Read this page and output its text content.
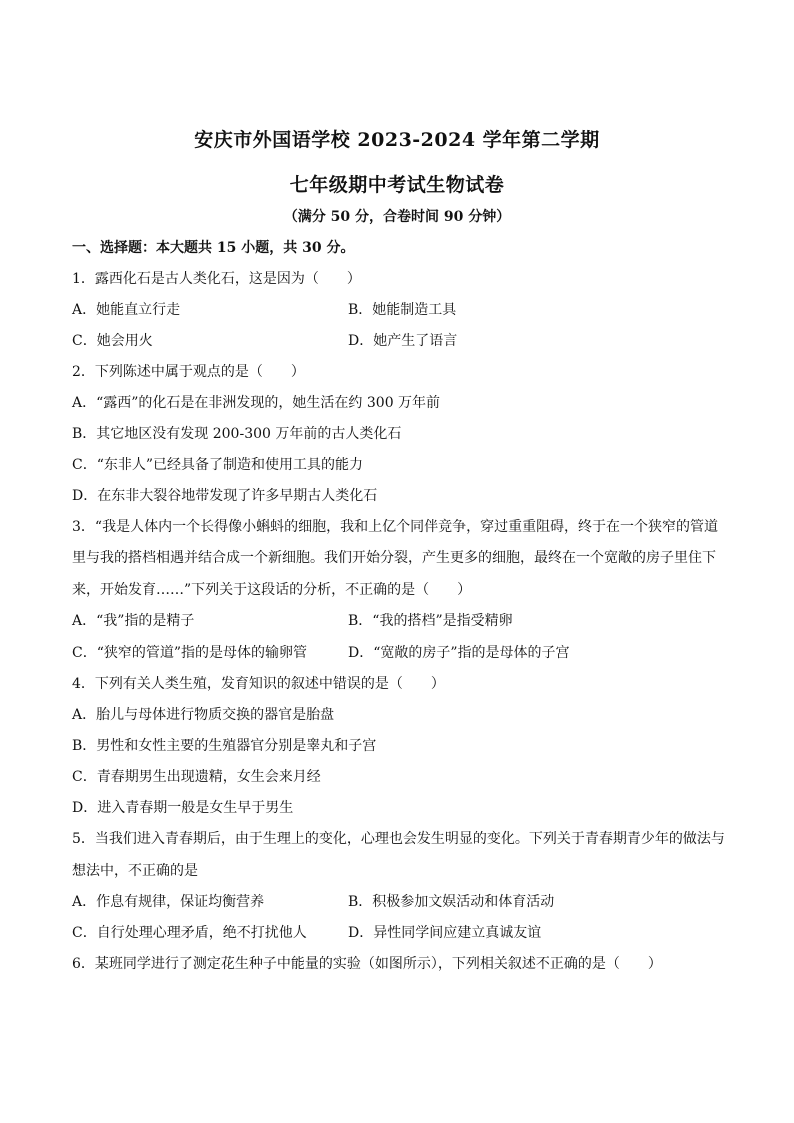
安庆市外国语学校 2023-2024 学年第二学期
七年级期中考试生物试卷
（满分 50 分，合卷时间 90 分钟）
一、选择题：本大题共 15 小题，共 30 分。
1．露西化石是古人类化石，这是因为（　　）
A．她能直立行走	B．她能制造工具
C．她会用火	D．她产生了语言
2．下列陈述中属于观点的是（　　）
A．“露西”的化石是在非洲发现的，她生活在约 300 万年前
B．其它地区没有发现 200-300 万年前的古人类化石
C．“东非人”已经具备了制造和使用工具的能力
D．在东非大裂谷地带发现了许多早期古人类化石
3．“我是人体内一个长得像小蝌蚪的细胞，我和上亿个同伴竞争，穿过重重阻碍，终于在一个狭窄的管道
里与我的搭档相遇并结合成一个新细胞。我们开始分裂，产生更多的细胞，最终在一个宽敞的房子里住下
来，开始发育……”下列关于这段话的分析，不正确的是（　　）
A．“我”指的是精子	B．“我的搭档”是指受精卵
C．“狭窄的管道”指的是母体的输卵管	D．“宽敞的房子”指的是母体的子宫
4．下列有关人类生殖，发育知识的叙述中错误的是（　　）
A．胎儿与母体进行物质交换的器官是胎盘
B．男性和女性主要的生殖器官分别是睾丸和子宫
C．青春期男生出现遗精，女生会来月经
D．进入青春期一般是女生早于男生
5．当我们进入青春期后，由于生理上的变化，心理也会发生明显的变化。下列关于青春期青少年的做法与
想法中，不正确的是
A．作息有规律，保证均衡营养	B．积极参加文娱活动和体育活动
C．自行处理心理矛盾，绝不打扰他人	D．异性同学间应建立真诚友谊
6．某班同学进行了测定花生种子中能量的实验（如图所示），下列相关叙述不正确的是（　　）
